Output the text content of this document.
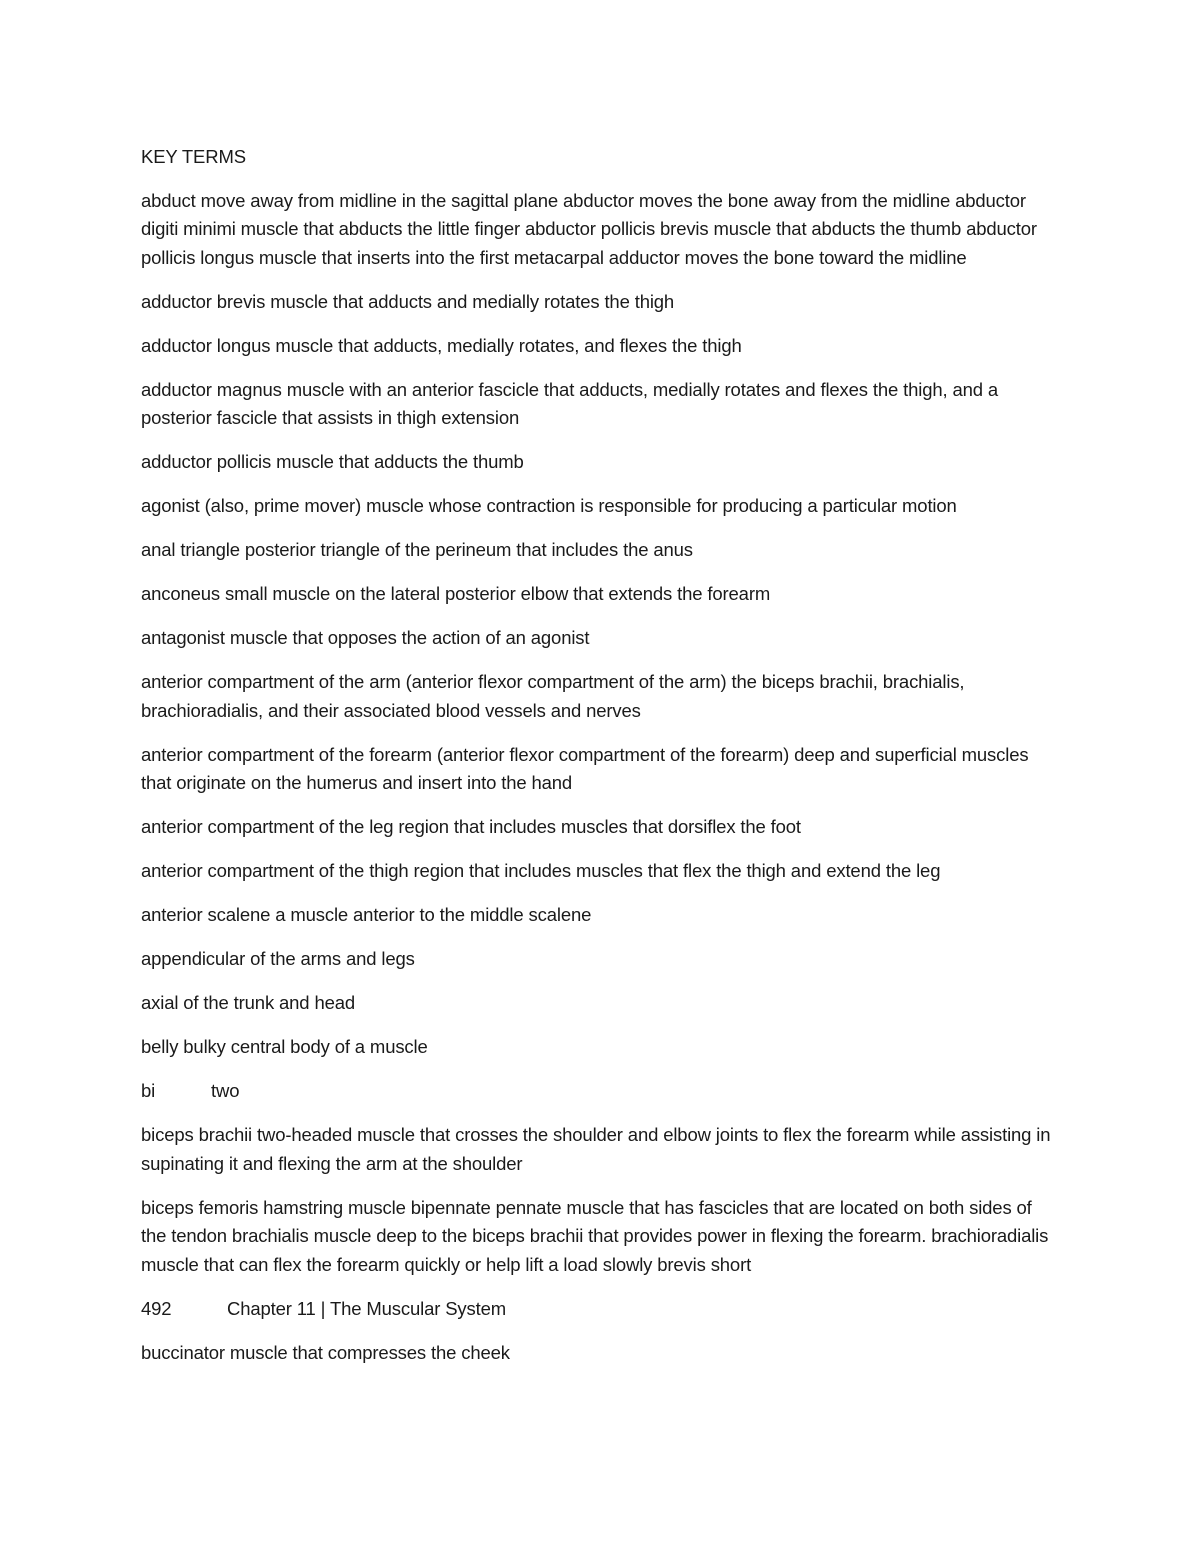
KEY TERMS

abduct move away from midline in the sagittal plane abductor moves the bone away from the midline abductor digiti minimi muscle that abducts the little finger abductor pollicis brevis muscle that abducts the thumb abductor pollicis longus muscle that inserts into the first metacarpal adductor moves the bone toward the midline

adductor brevis muscle that adducts and medially rotates the thigh

adductor longus muscle that adducts, medially rotates, and flexes the thigh

adductor magnus muscle with an anterior fascicle that adducts, medially rotates and flexes the thigh, and a posterior fascicle that assists in thigh extension

adductor pollicis muscle that adducts the thumb

agonist (also, prime mover) muscle whose contraction is responsible for producing a particular motion

anal triangle posterior triangle of the perineum that includes the anus

anconeus small muscle on the lateral posterior elbow that extends the forearm

antagonist muscle that opposes the action of an agonist

anterior compartment of the arm (anterior flexor compartment of the arm) the biceps brachii, brachialis, brachioradialis, and their associated blood vessels and nerves

anterior compartment of the forearm (anterior flexor compartment of the forearm) deep and superficial muscles that originate on the humerus and insert into the hand

anterior compartment of the leg region that includes muscles that dorsiflex the foot

anterior compartment of the thigh region that includes muscles that flex the thigh and extend the leg

anterior scalene a muscle anterior to the middle scalene

appendicular of the arms and legs

axial of the trunk and head

belly bulky central body of a muscle

bi	two

biceps brachii two-headed muscle that crosses the shoulder and elbow joints to flex the forearm while assisting in supinating it and flexing the arm at the shoulder

biceps femoris hamstring muscle bipennate pennate muscle that has fascicles that are located on both sides of the tendon brachialis muscle deep to the biceps brachii that provides power in flexing the forearm. brachioradialis muscle that can flex the forearm quickly or help lift a load slowly brevis short

492	Chapter 11 | The Muscular System

buccinator muscle that compresses the cheek
